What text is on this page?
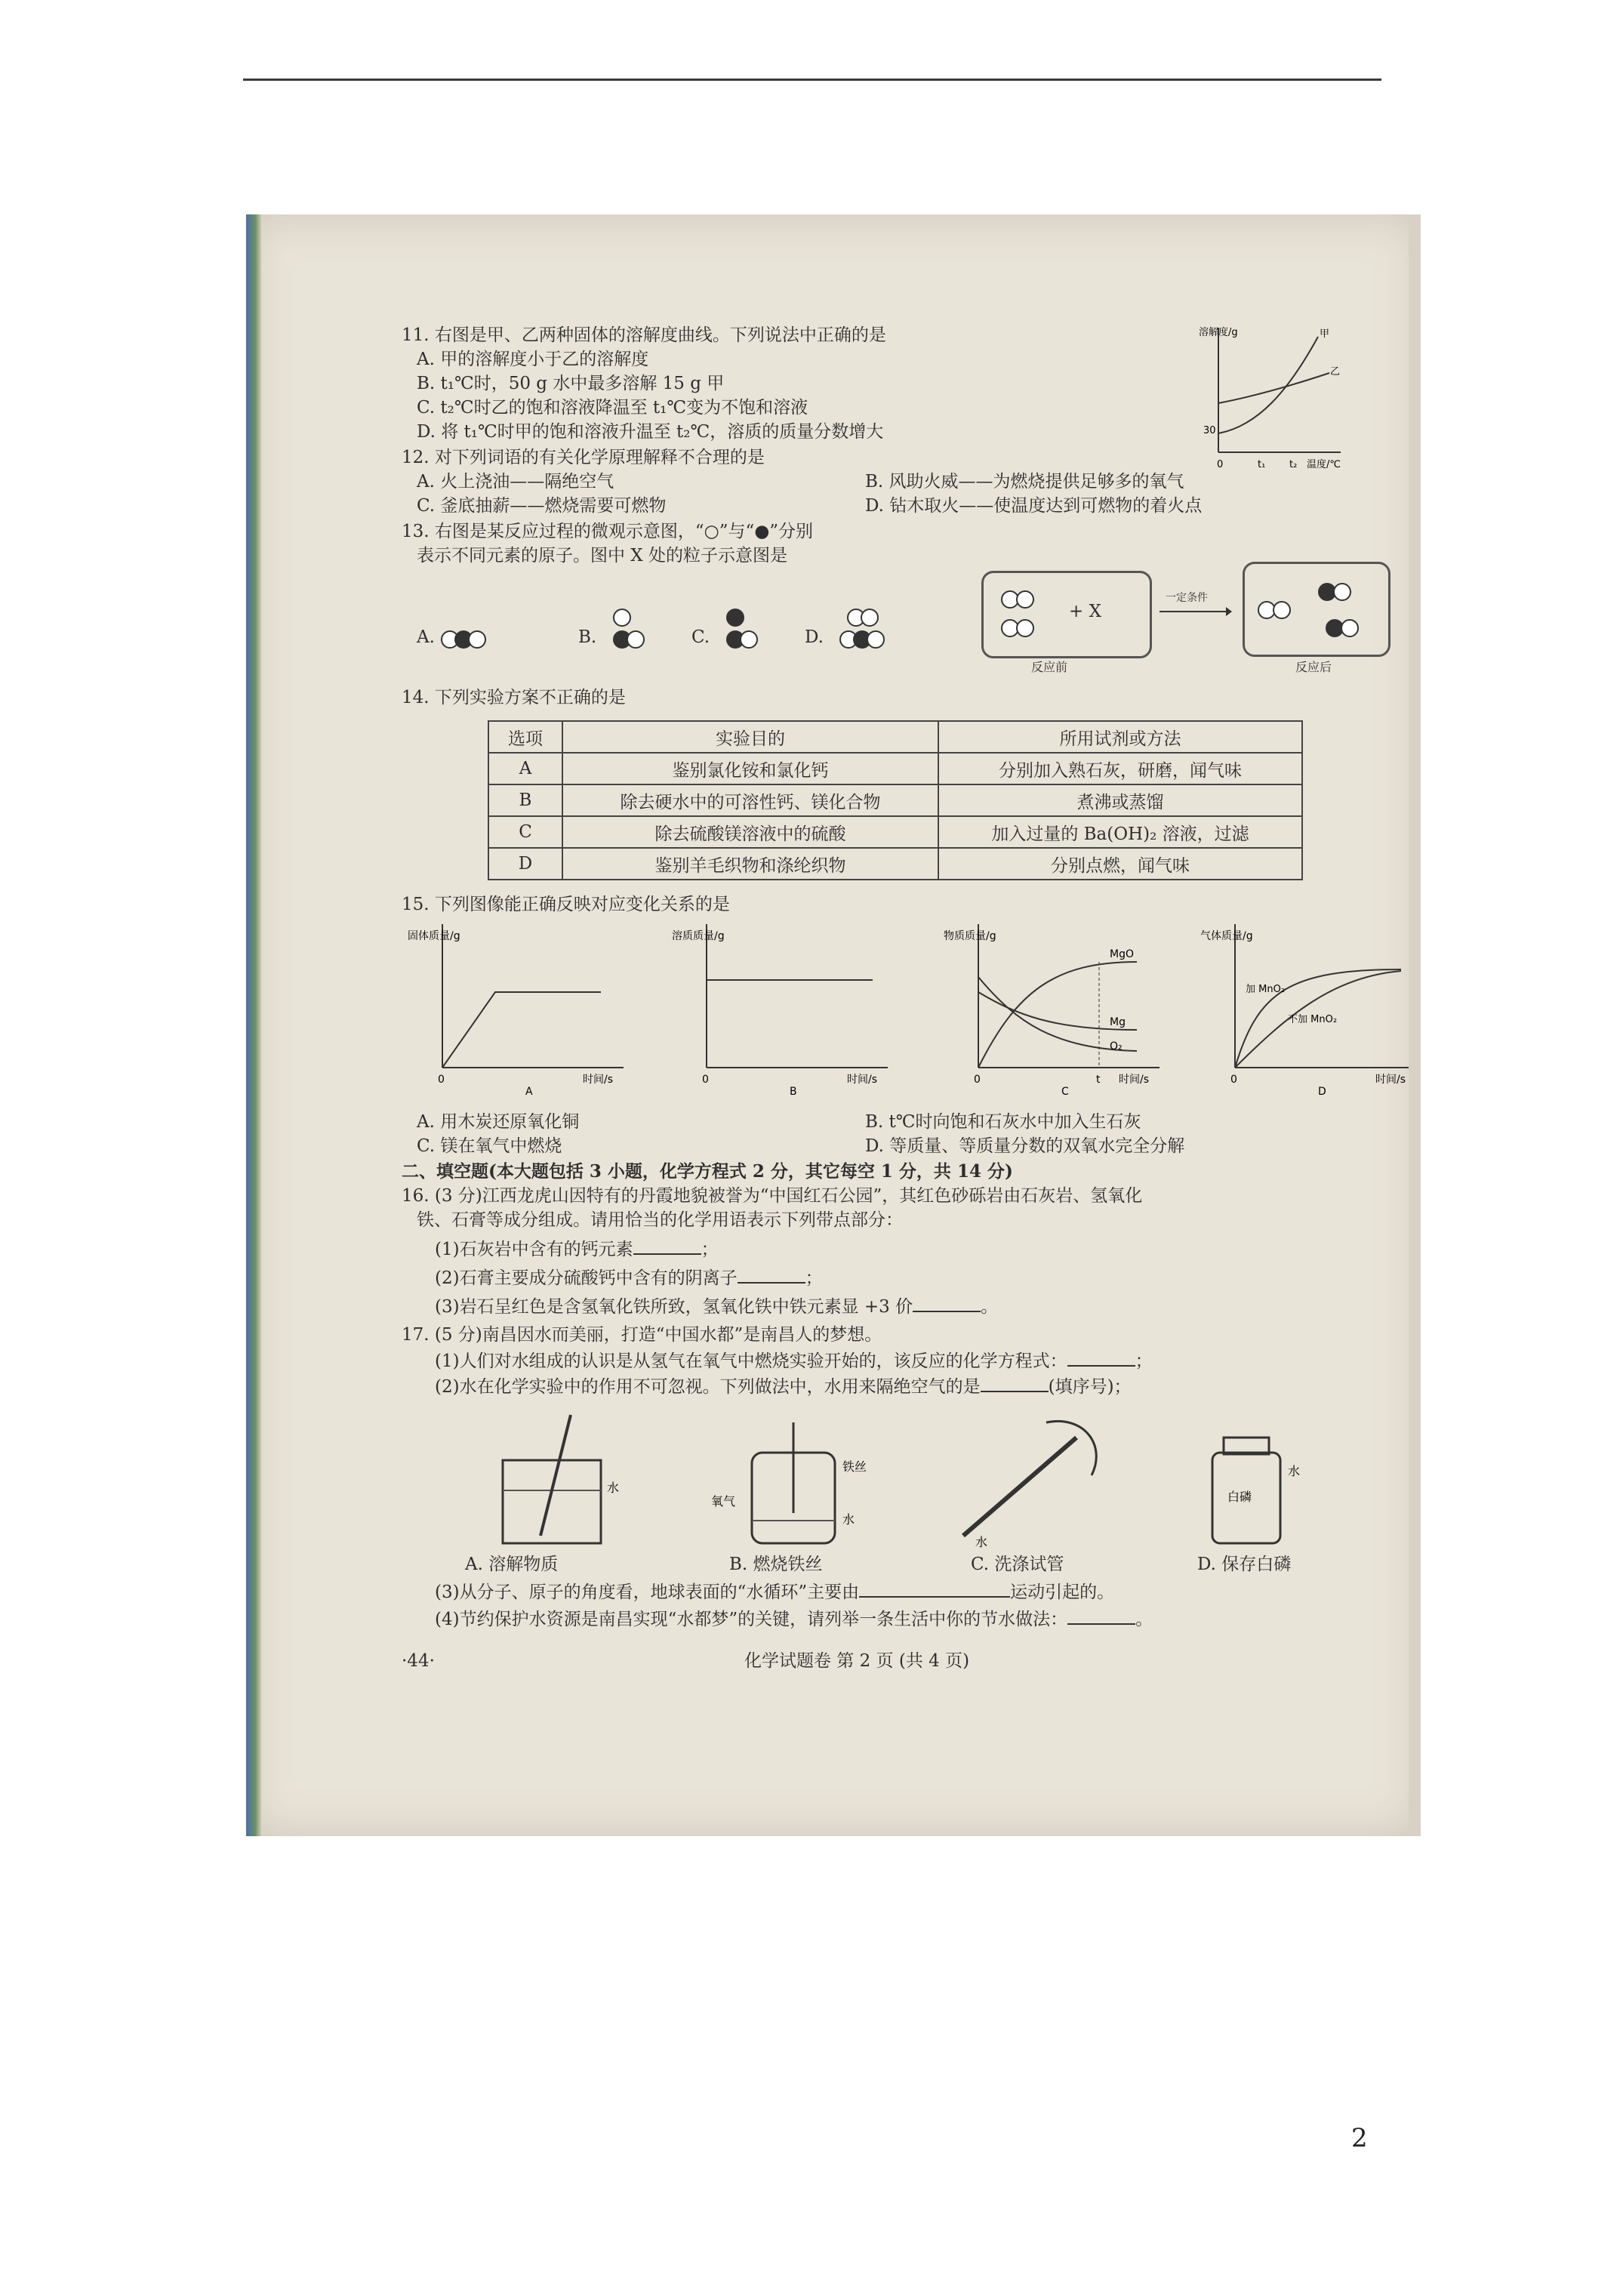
11. 右图是甲、乙两种固体的溶解度曲线。下列说法中正确的是
A. 甲的溶解度小于乙的溶解度
B. t₁℃时，50 g 水中最多溶解 15 g 甲
C. t₂℃时乙的饱和溶液降温至 t₁℃变为不饱和溶液
D. 将 t₁℃时甲的饱和溶液升温至 t₂℃，溶质的质量分数增大
溶解度/g
30
0	t₁ t₂ 温度/℃
甲
乙
12. 对下列词语的有关化学原理解释不合理的是
A. 火上浇油——隔绝空气	B. 风助火威——为燃烧提供足够多的氧气
C. 釜底抽薪——燃烧需要可燃物	D. 钻木取火——使温度达到可燃物的着火点
13. 右图是某反应过程的微观示意图，“○”与“●”分别
表示不同元素的原子。图中 X 处的粒子示意图是
A.	B.	C.	D.
+ X
一定条件
反应前	反应后
14. 下列实验方案不正确的是
选项	实验目的	所用试剂或方法
A	鉴别氯化铵和氯化钙	分别加入熟石灰，研磨，闻气味
B	除去硬水中的可溶性钙、镁化合物	煮沸或蒸馏
C	除去硫酸镁溶液中的硫酸	加入过量的 Ba(OH)₂ 溶液，过滤
D	鉴别羊毛织物和涤纶织物	分别点燃，闻气味
15. 下列图像能正确反映对应变化关系的是
固体质量/g
0	时间/s
A
溶质质量/g
0	时间/s
B
物质质量/g
MgO
Mg
O₂
t
0	时间/s
C
气体质量/g
加 MnO₂
不加 MnO₂
0	时间/s
D
A. 用木炭还原氧化铜	B. t℃时向饱和石灰水中加入生石灰
C. 镁在氧气中燃烧	D. 等质量、等质量分数的双氧水完全分解
二、填空题(本大题包括 3 小题，化学方程式 2 分，其它每空 1 分，共 14 分)
16. (3 分)江西龙虎山因特有的丹霞地貌被誉为“中国红石公园”，其红色砂砾岩由石灰岩、氢氧化
铁、石膏等成分组成。请用恰当的化学用语表示下列带点部分：
(1)石灰岩中含有的钙元素	；
(2)石膏主要成分硫酸钙中含有的阴离子	；
(3)岩石呈红色是含氢氧化铁所致，氢氧化铁中铁元素显 +3 价	。
17. (5 分)南昌因水而美丽，打造“中国水都”是南昌人的梦想。
(1)人们对水组成的认识是从氢气在氧气中燃烧实验开始的，该反应的化学方程式：	；
(2)水在化学实验中的作用不可忽视。下列做法中，水用来隔绝空气的是	(填序号)；
水
铁丝
氧气
水
水
白磷
水
A. 溶解物质	B. 燃烧铁丝	C. 洗涤试管	D. 保存白磷
(3)从分子、原子的角度看，地球表面的“水循环”主要由	运动引起的。
(4)节约保护水资源是南昌实现“水都梦”的关键，请列举一条生活中你的节水做法：	。
·44·	化学试题卷 第 2 页 (共 4 页)
2
